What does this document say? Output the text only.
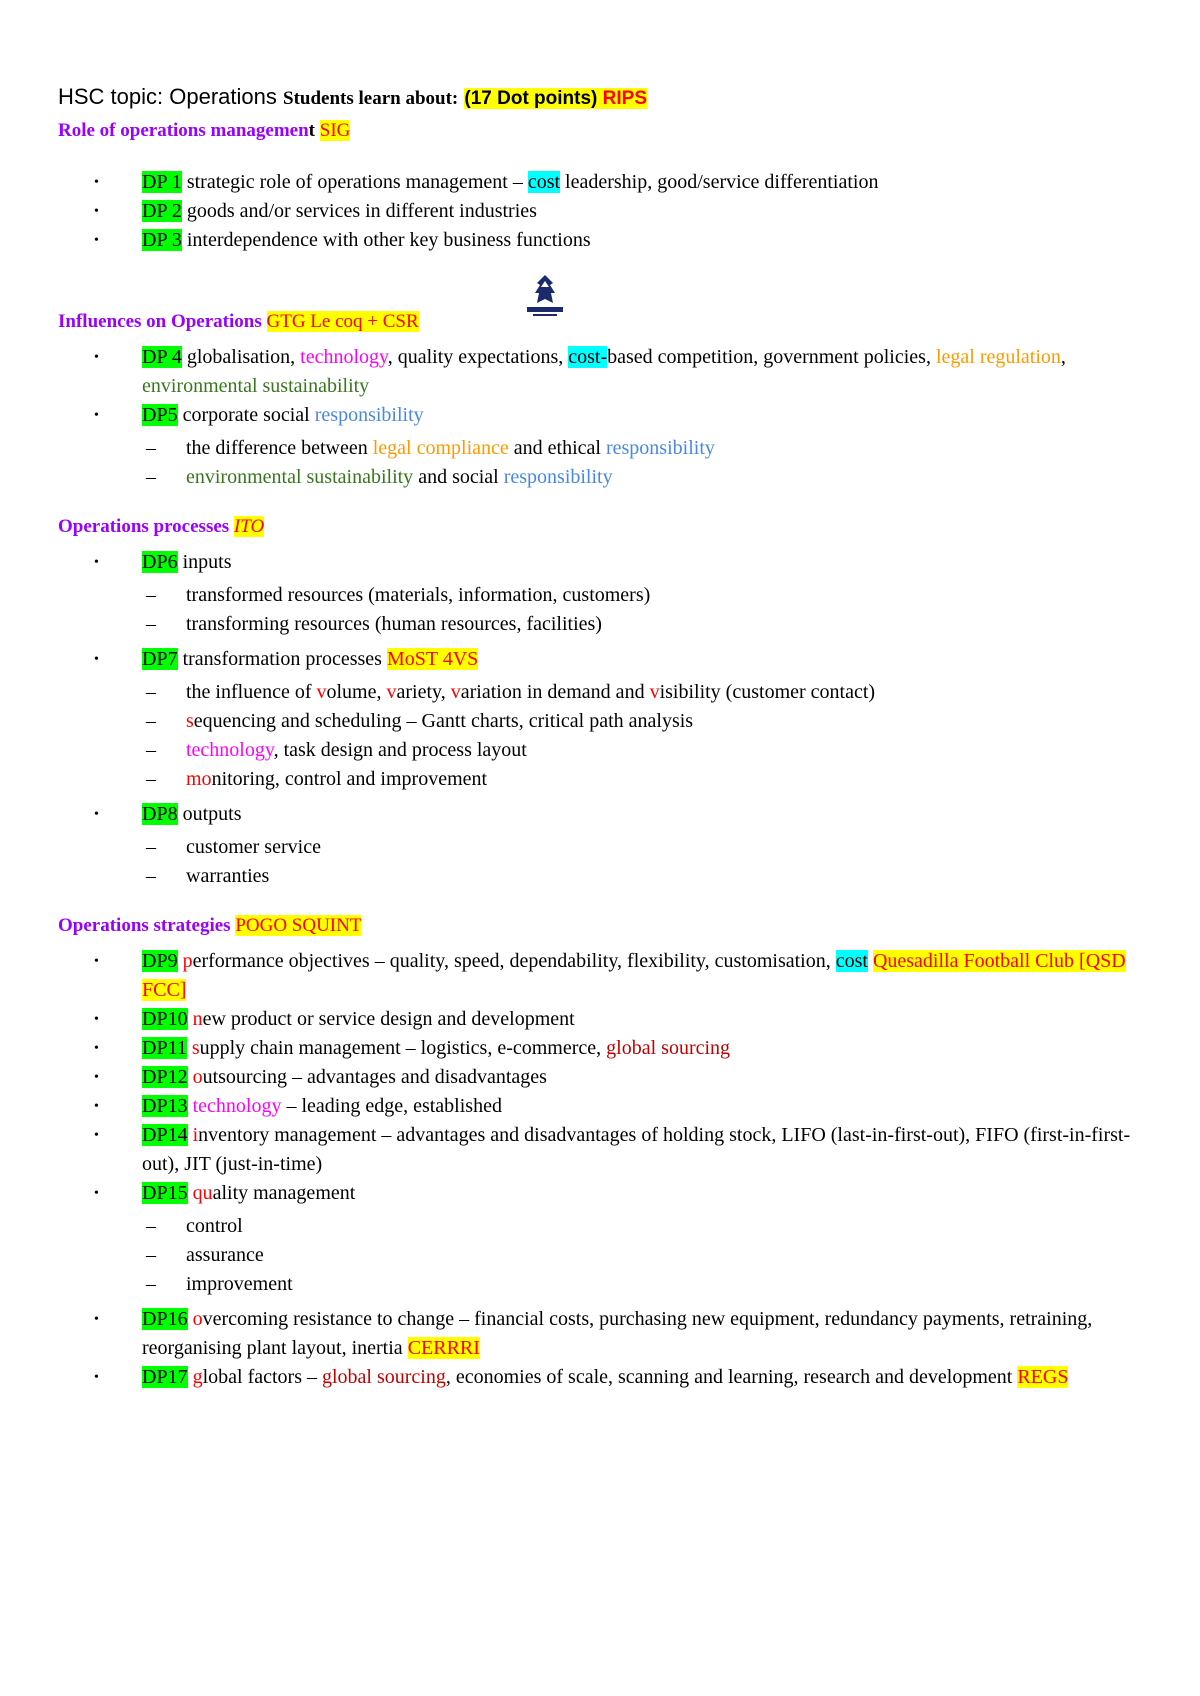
HSC topic: Operations Students learn about: (17 Dot points) RIPS

Role of operations management SIG

• DP 1 strategic role of operations management – cost leadership, good/service differentiation
• DP 2 goods and/or services in different industries
• DP 3 interdependence with other key business functions

Influences on Operations GTG Le coq + CSR

• DP 4 globalisation, technology, quality expectations, cost-based competition, government policies, legal regulation, environmental sustainability
• DP5 corporate social responsibility
– the difference between legal compliance and ethical responsibility
– environmental sustainability and social responsibility

Operations processes ITO

• DP6 inputs
– transformed resources (materials, information, customers)
– transforming resources (human resources, facilities)
• DP7 transformation processes MoST 4VS
– the influence of volume, variety, variation in demand and visibility (customer contact)
– sequencing and scheduling – Gantt charts, critical path analysis
– technology, task design and process layout
– monitoring, control and improvement
• DP8 outputs
– customer service
– warranties

Operations strategies POGO SQUINT

• DP9 performance objectives – quality, speed, dependability, flexibility, customisation, cost Quesadilla Football Club [QSD FCC]
• DP10 new product or service design and development
• DP11 supply chain management – logistics, e-commerce, global sourcing
• DP12 outsourcing – advantages and disadvantages
• DP13 technology – leading edge, established
• DP14 inventory management – advantages and disadvantages of holding stock, LIFO (last-in-first-out), FIFO (first-in-first-out), JIT (just-in-time)
• DP15 quality management
– control
– assurance
– improvement
• DP16 overcoming resistance to change – financial costs, purchasing new equipment, redundancy payments, retraining, reorganising plant layout, inertia CERRRI
• DP17 global factors – global sourcing, economies of scale, scanning and learning, research and development REGS
